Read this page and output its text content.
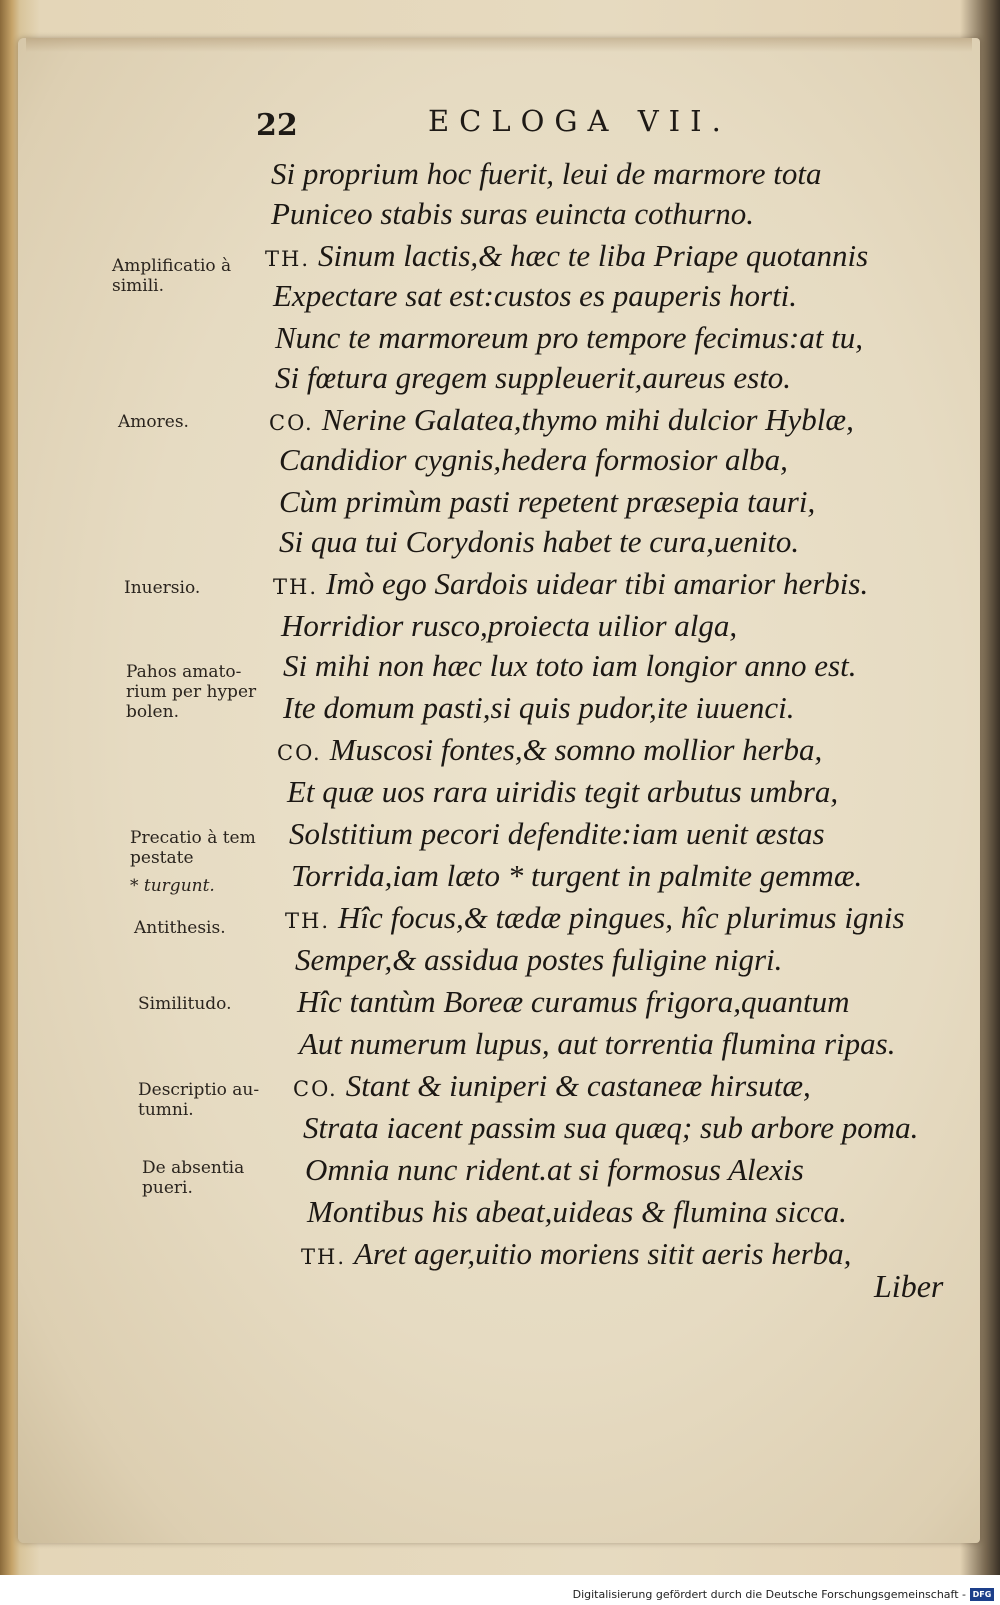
22	ECLOGA VII.
Si proprium hoc fuerit, leui de marmore tota
Puniceo stabis suras euincta cothurno.
TH. Sinum lactis,& hæc te liba Priape quotannis
Expectare sat est:custos es pauperis horti.
Nunc te marmoreum pro tempore fecimus:at tu,
Si fœtura gregem suppleuerit,aureus esto.
CO. Nerine Galatea,thymo mihi dulcior Hyblæ,
Candidior cygnis,hedera formosior alba,
Cùm primùm pasti repetent præsepia tauri,
Si qua tui Corydonis habet te cura,uenito.
TH. Imò ego Sardois uidear tibi amarior herbis.
Horridior rusco,proiecta uilior alga,
Si mihi non hæc lux toto iam longior anno est.
Ite domum pasti,si quis pudor,ite iuuenci.
CO. Muscosi fontes,& somno mollior herba,
Et quæ uos rara uiridis tegit arbutus umbra,
Solstitium pecori defendite:iam uenit æstas
Torrida,iam læto * turgent in palmite gemmæ.
TH. Hîc focus,& tædæ pingues, hîc plurimus ignis
Semper,& assidua postes fuligine nigri.
Hîc tantùm Boreæ curamus frigora,quantum
Aut numerum lupus, aut torrentia flumina ripas.
CO. Stant & iuniperi & castaneæ hirsutæ,
Strata iacent passim sua quæq; sub arbore poma.
Omnia nunc rident.at si formosus Alexis
Montibus his abeat,uideas & flumina sicca.
TH. Aret ager,uitio moriens sitit aeris herba,
Amplificatio à
simili.
Amores.
Inuersio.
Pahos amato-
rium per hyper
bolen.
Precatio à tem
pestate
* turgunt.
Antithesis.
Similitudo.
Descriptio au-
tumni.
De absentia
pueri.
Liber
Digitalisierung gefördert durch die Deutsche Forschungsgemeinschaft - DFG
